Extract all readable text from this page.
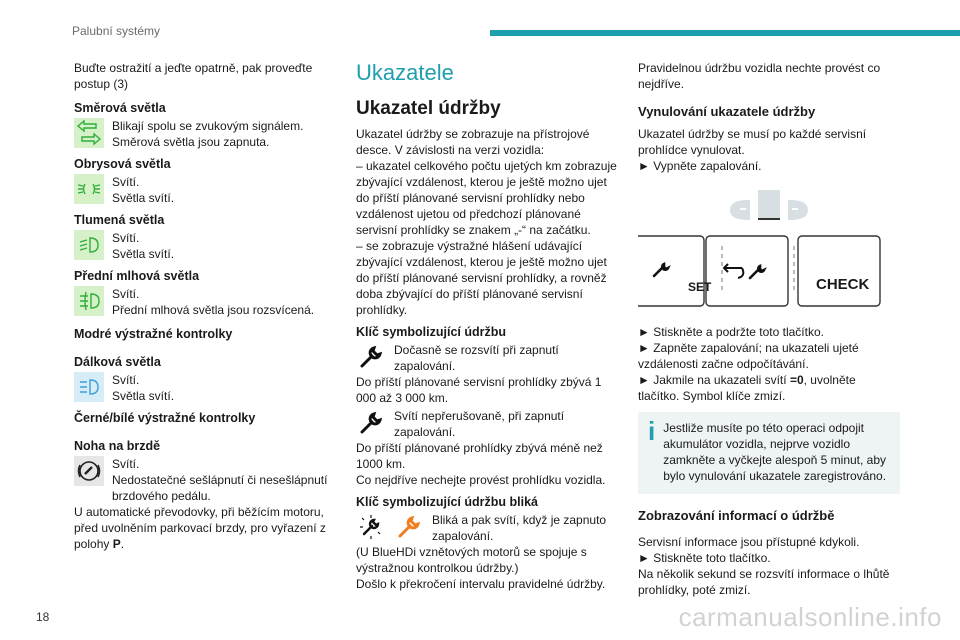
Palubní systémy

Buďte ostražití a jeďte opatrně, pak proveďte postup (3)

Směrová světla

Blikají spolu se zvukovým signálem.

Směrová světla jsou zapnuta.

Obrysová světla

Svítí.

Světla svítí.

Tlumená světla

Svítí.

Světla svítí.

Přední mlhová světla

Svítí.

Přední mlhová světla jsou rozsvícená.

Modré výstražné kontrolky

Dálková světla

Svítí.

Světla svítí.

Černé/bílé výstražné kontrolky

Noha na brzdě

Svítí.

Nedostatečné sešlápnutí či nesešlápnutí brzdového pedálu.

U automatické převodovky, při běžícím motoru, před uvolněním parkovací brzdy, pro vyřazení z polohy P.

Ukazatele
Ukazatel údržby

Ukazatel údržby se zobrazuje na přístrojové desce. V závislosti na verzi vozidla:

– ukazatel celkového počtu ujetých km zobrazuje zbývající vzdálenost, kterou je ještě možno ujet do příští plánované servisní prohlídky nebo vzdálenost ujetou od předchozí plánované servisní prohlídky se znakem „-“ na začátku.

– se zobrazuje výstražné hlášení udávající zbývající vzdálenost, kterou je ještě možno ujet do příští plánované servisní prohlídky, a rovněž doba zbývající do příští plánované servisní prohlídky.

Klíč symbolizující údržbu

Dočasně se rozsvítí při zapnutí zapalování.

Do příští plánované servisní prohlídky zbývá 1 000 až 3 000 km.

Svítí nepřerušovaně, při zapnutí zapalování.

Do příští plánované prohlídky zbývá méně než 1000 km.

Co nejdříve nechejte provést prohlídku vozidla.

Klíč symbolizující údržbu bliká

Bliká a pak svítí, když je zapnuto zapalování.

(U BlueHDi vznětových motorů se spojuje s výstražnou kontrolkou údržby.)

Došlo k překročení intervalu pravidelné údržby.

Pravidelnou údržbu vozidla nechte provést co nejdříve.

Vynulování ukazatele údržby

Ukazatel údržby se musí po každé servisní prohlídce vynulovat.

► Vypněte zapalování.

SET	CHECK

► Stiskněte a podržte toto tlačítko.

► Zapněte zapalování; na ukazateli ujeté vzdálenosti začne odpočítávání.

► Jakmile na ukazateli svítí =0, uvolněte tlačítko. Symbol klíče zmizí.

i Jestliže musíte po této operaci odpojit akumulátor vozidla, nejprve vozidlo zamkněte a vyčkejte alespoň 5 minut, aby bylo vynulování ukazatele zaregistrováno.

Zobrazování informací o údržbě

Servisní informace jsou přístupné kdykoli.

► Stiskněte toto tlačítko.

Na několik sekund se rozsvítí informace o lhůtě prohlídky, poté zmizí.

18	carmanualsonline.info
